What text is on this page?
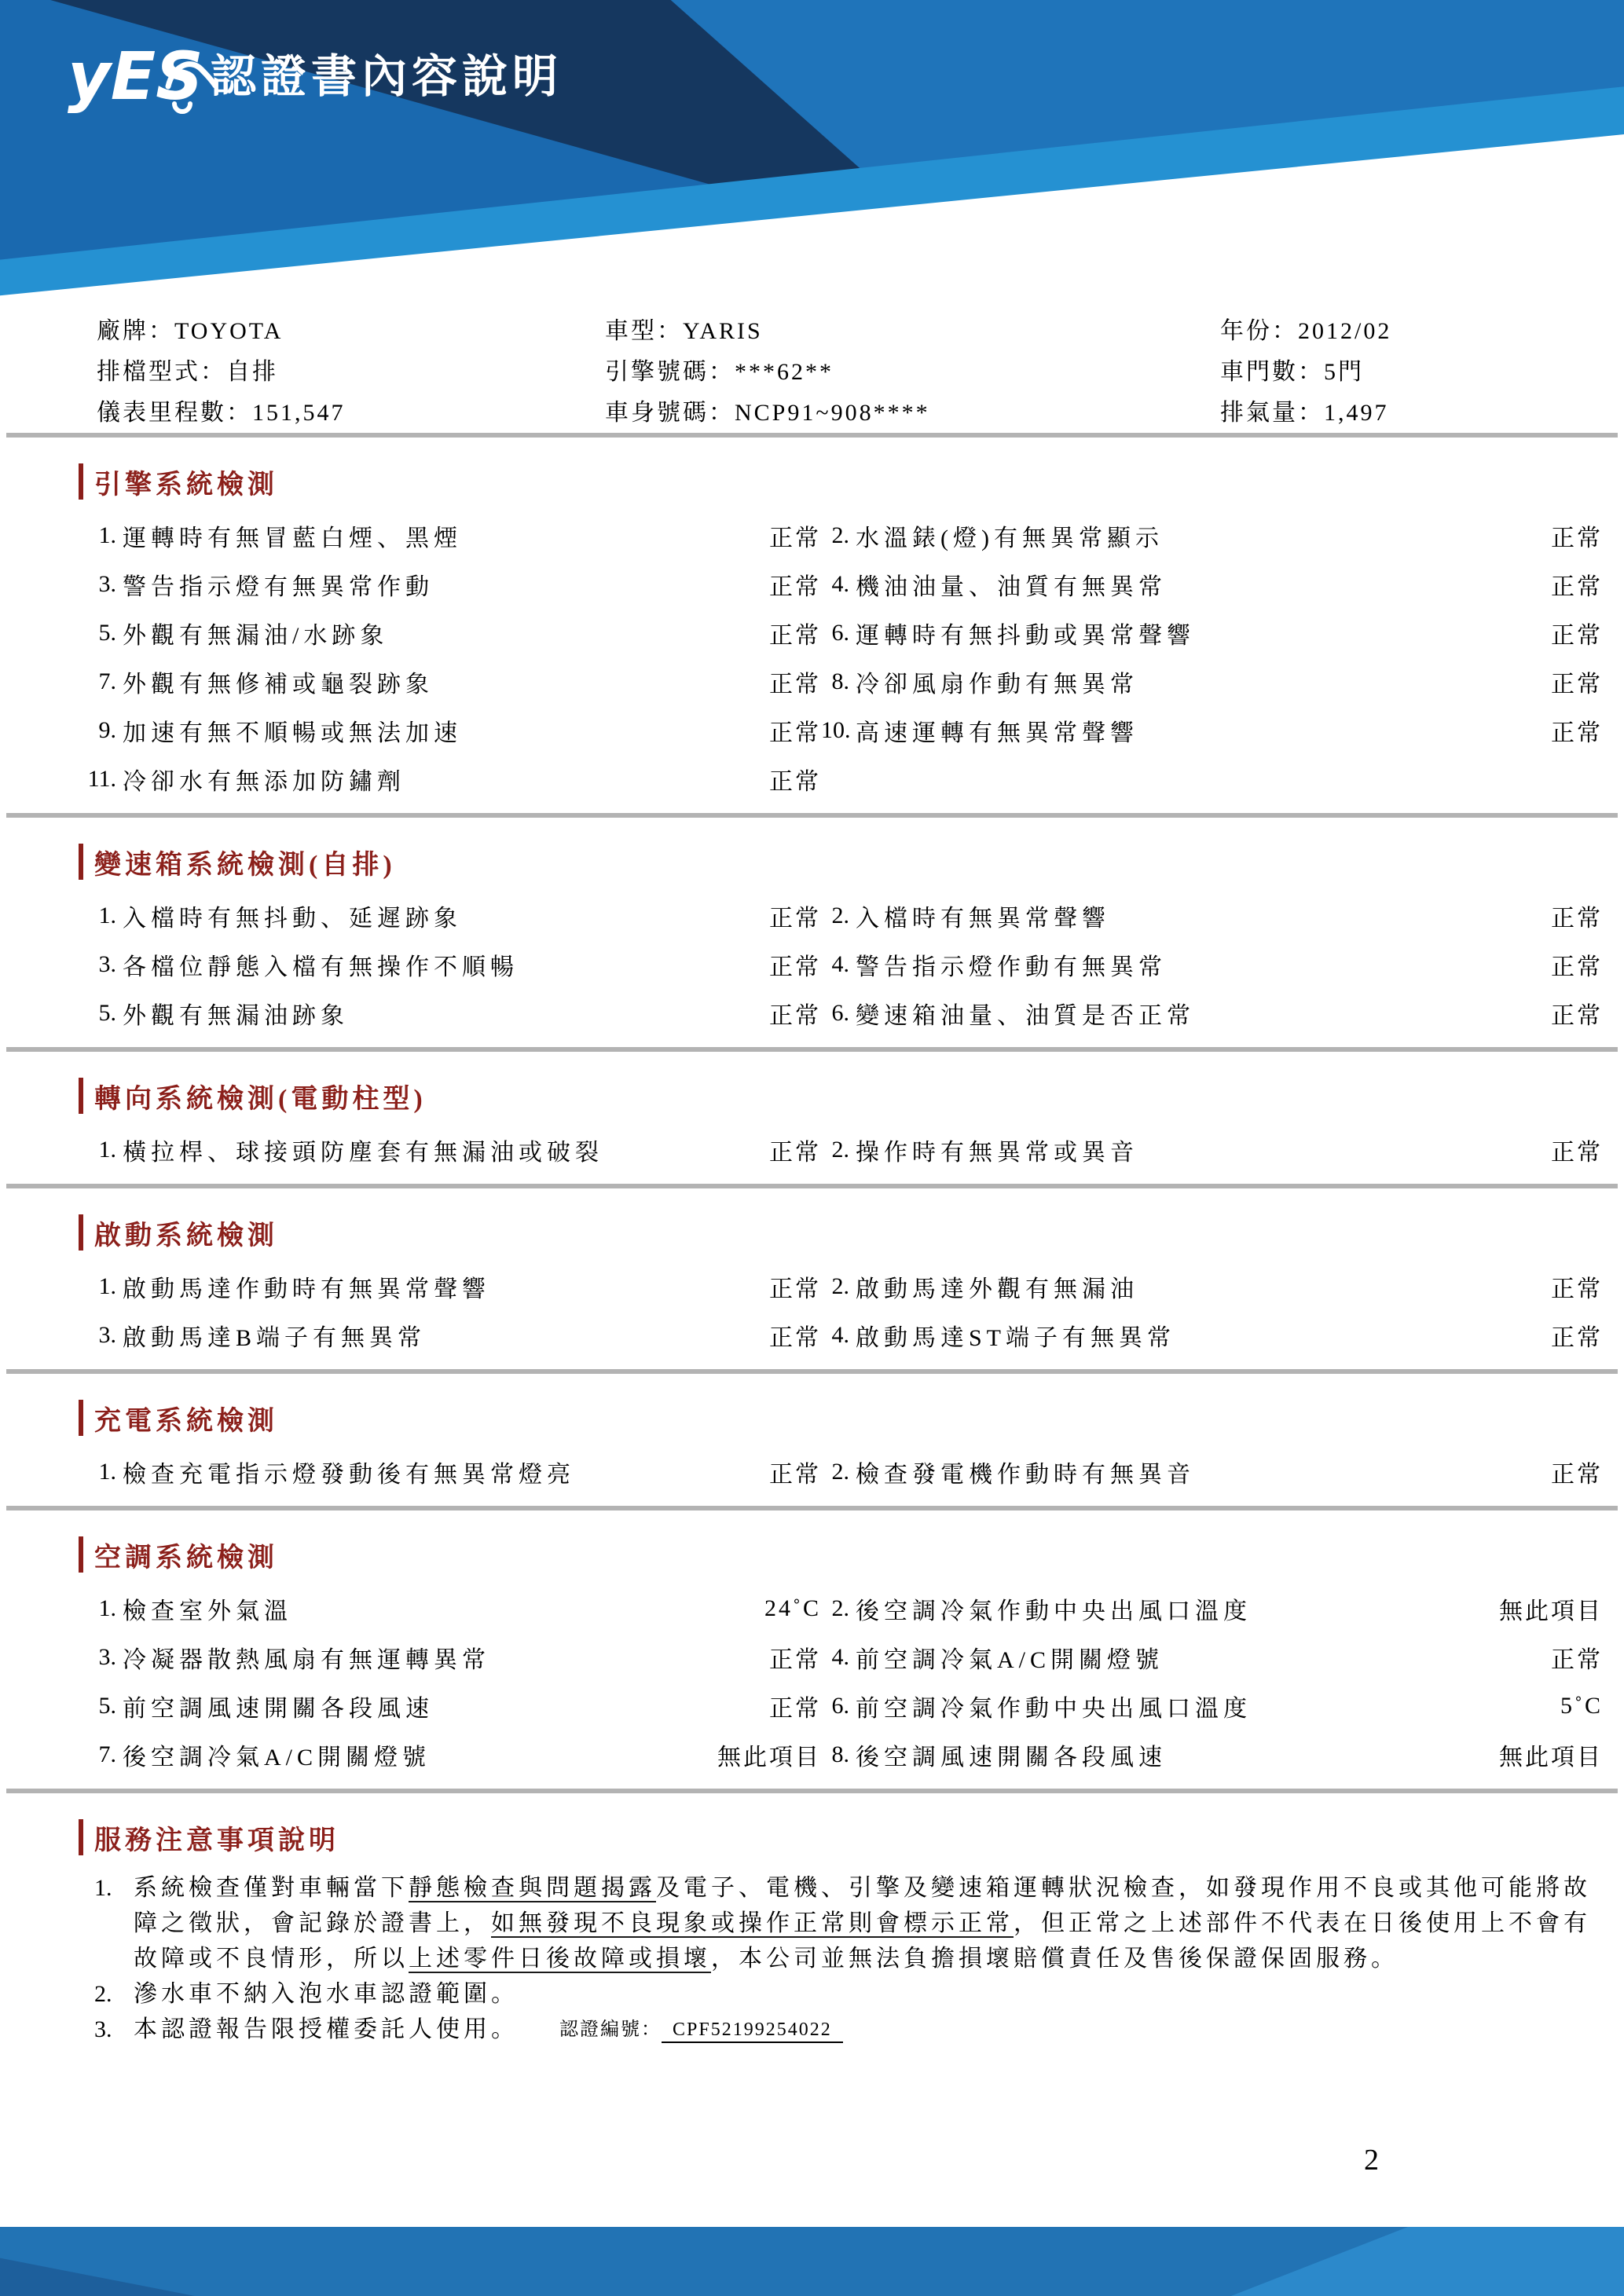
yES 認證書內容說明
廠牌：TOYOTA
排檔型式：自排
儀表里程數：151,547
車型：YARIS
引擎號碼：***62**
車身號碼：NCP91~908****
年份：2012/02
車門數：5門
排氣量：1,497
引擎系統檢測
1. 運轉時有無冒藍白煙、黑煙	正常 2. 水溫錶(燈)有無異常顯示	正常
3. 警告指示燈有無異常作動	正常 4. 機油油量、油質有無異常	正常
5. 外觀有無漏油/水跡象	正常 6. 運轉時有無抖動或異常聲響	正常
7. 外觀有無修補或龜裂跡象	正常 8. 冷卻風扇作動有無異常	正常
9. 加速有無不順暢或無法加速	正常 10. 高速運轉有無異常聲響	正常
11. 冷卻水有無添加防鏽劑	正常
變速箱系統檢測(自排)
1. 入檔時有無抖動、延遲跡象	正常 2. 入檔時有無異常聲響	正常
3. 各檔位靜態入檔有無操作不順暢	正常 4. 警告指示燈作動有無異常	正常
5. 外觀有無漏油跡象	正常 6. 變速箱油量、油質是否正常	正常
轉向系統檢測(電動柱型)
1. 橫拉桿、球接頭防塵套有無漏油或破裂	正常 2. 操作時有無異常或異音	正常
啟動系統檢測
1. 啟動馬達作動時有無異常聲響	正常 2. 啟動馬達外觀有無漏油	正常
3. 啟動馬達B端子有無異常	正常 4. 啟動馬達ST端子有無異常	正常
充電系統檢測
1. 檢查充電指示燈發動後有無異常燈亮	正常 2. 檢查發電機作動時有無異音	正常
空調系統檢測
1. 檢查室外氣溫	24˚C 2. 後空調冷氣作動中央出風口溫度	無此項目
3. 冷凝器散熱風扇有無運轉異常	正常 4. 前空調冷氣A/C開關燈號	正常
5. 前空調風速開關各段風速	正常 6. 前空調冷氣作動中央出風口溫度	5˚C
7. 後空調冷氣A/C開關燈號	無此項目 8. 後空調風速開關各段風速	無此項目
服務注意事項說明
1. 系統檢查僅對車輛當下靜態檢查與問題揭露及電子、電機、引擎及變速箱運轉狀況檢查，如發現作用不良或其他可能將故障之徵狀，會記錄於證書上，如無發現不良現象或操作正常則會標示正常，但正常之上述部件不代表在日後使用上不會有故障或不良情形，所以上述零件日後故障或損壞，本公司並無法負擔損壞賠償責任及售後保證保固服務。
2. 滲水車不納入泡水車認證範圍。
3. 本認證報告限授權委託人使用。 認證編號： CPF52199254022
2
